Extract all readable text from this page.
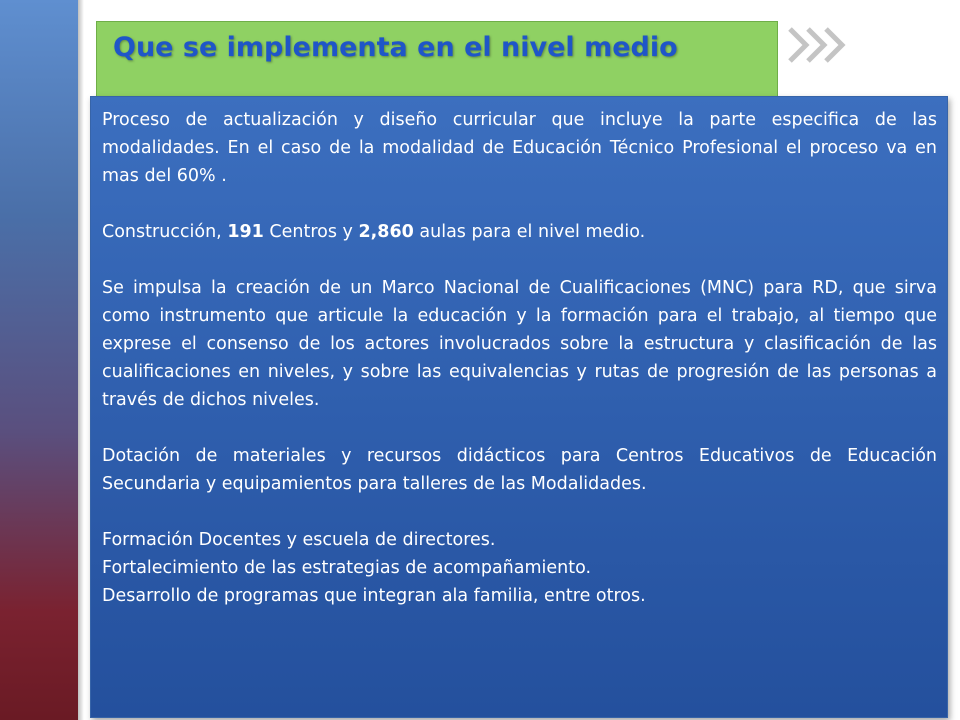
Que se implementa en el nivel medio

Proceso de actualización y diseño curricular que incluye la parte especifica de las modalidades. En el caso de la modalidad de Educación Técnico Profesional el proceso va en mas del 60% .

Construcción, 191 Centros y 2,860 aulas para el nivel medio.

Se impulsa la creación de un Marco Nacional de Cualificaciones (MNC) para RD, que sirva como instrumento que articule la educación y la formación para el trabajo, al tiempo que exprese el consenso de los actores involucrados sobre la estructura y clasificación de las cualificaciones en niveles, y sobre las equivalencias y rutas de progresión de las personas a través de dichos niveles.

Dotación de materiales y recursos didácticos para Centros Educativos de Educación Secundaria y equipamientos para talleres de las Modalidades.

Formación Docentes y escuela de directores.

Fortalecimiento de las estrategias de acompañamiento.

Desarrollo de programas que integran ala familia, entre otros.
